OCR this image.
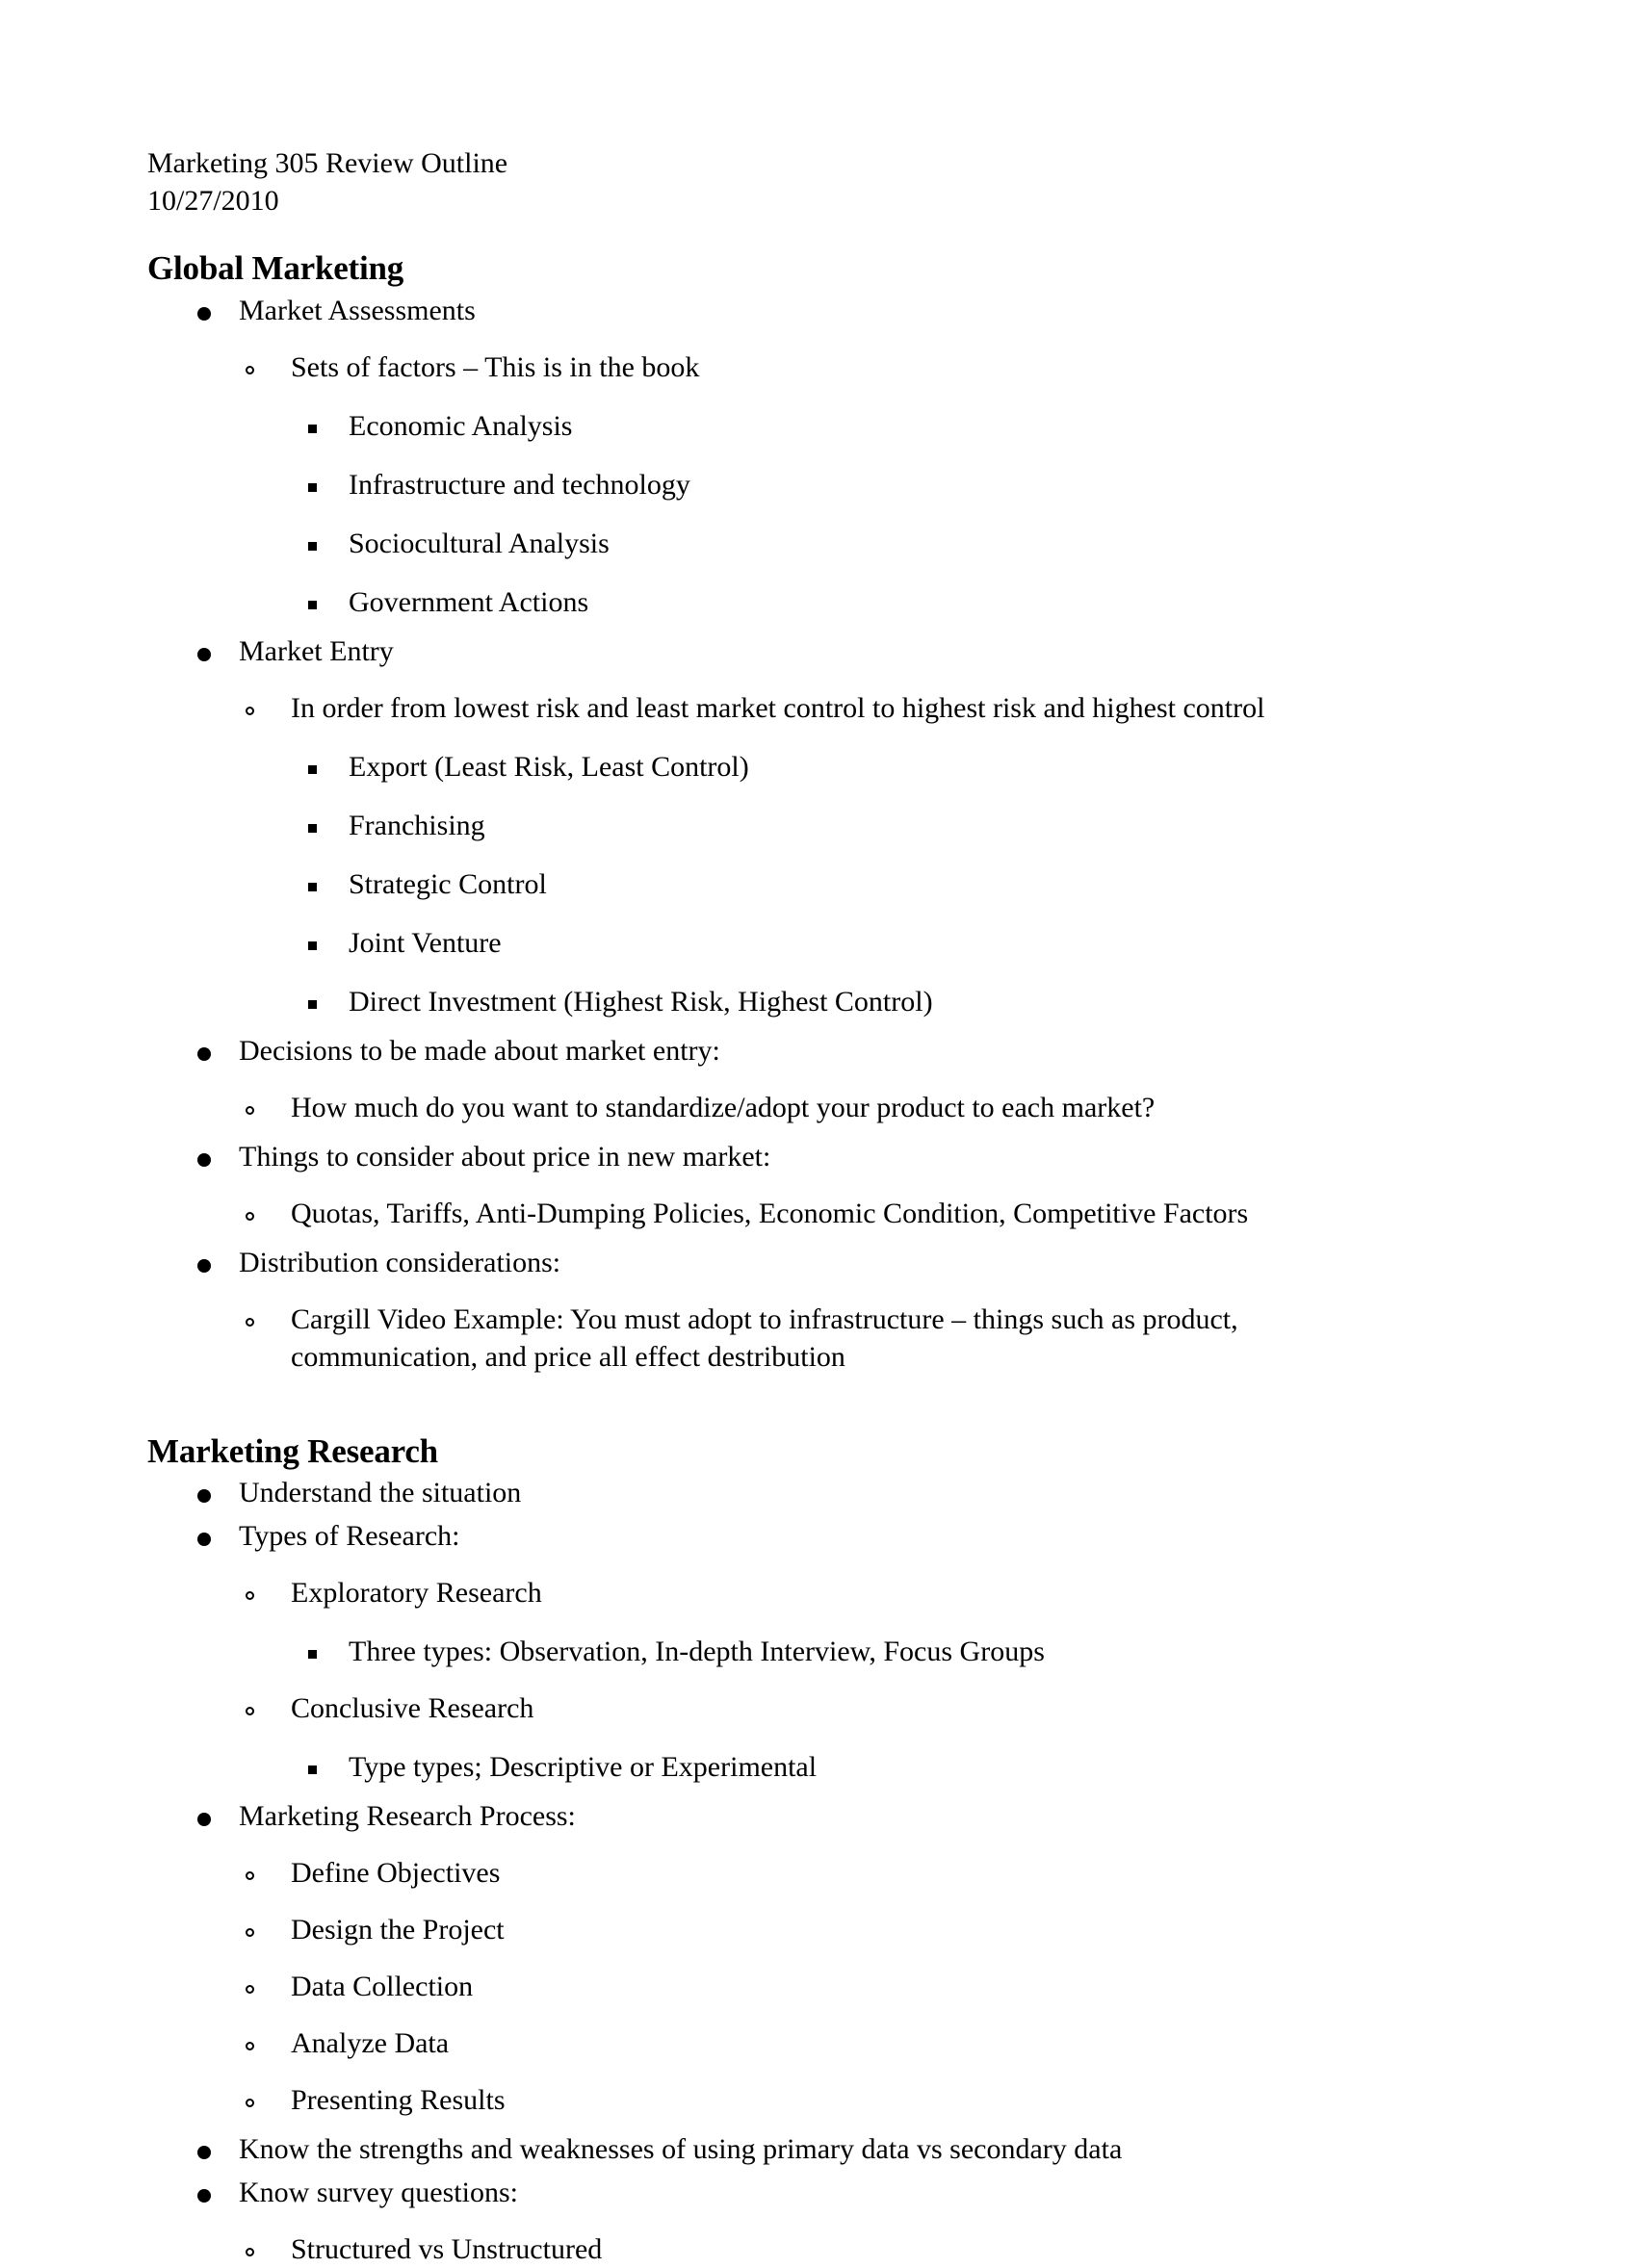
Marketing 305 Review Outline
10/27/2010
Global Marketing
Market Assessments
Sets of factors – This is in the book
Economic Analysis
Infrastructure and technology
Sociocultural Analysis
Government Actions
Market Entry
In order from lowest risk and least market control to highest risk and highest control
Export (Least Risk, Least Control)
Franchising
Strategic Control
Joint Venture
Direct Investment (Highest Risk, Highest Control)
Decisions to be made about market entry:
How much do you want to standardize/adopt your product to each market?
Things to consider about price in new market:
Quotas, Tariffs, Anti-Dumping Policies, Economic Condition, Competitive Factors
Distribution considerations:
Cargill Video Example: You must adopt to infrastructure – things such as product, communication, and price all effect destribution
Marketing Research
Understand the situation
Types of Research:
Exploratory Research
Three types: Observation, In-depth Interview, Focus Groups
Conclusive Research
Type types; Descriptive or Experimental
Marketing Research Process:
Define Objectives
Design the Project
Data Collection
Analyze Data
Presenting Results
Know the strengths and weaknesses of using primary data vs secondary data
Know survey questions:
Structured vs Unstructured
